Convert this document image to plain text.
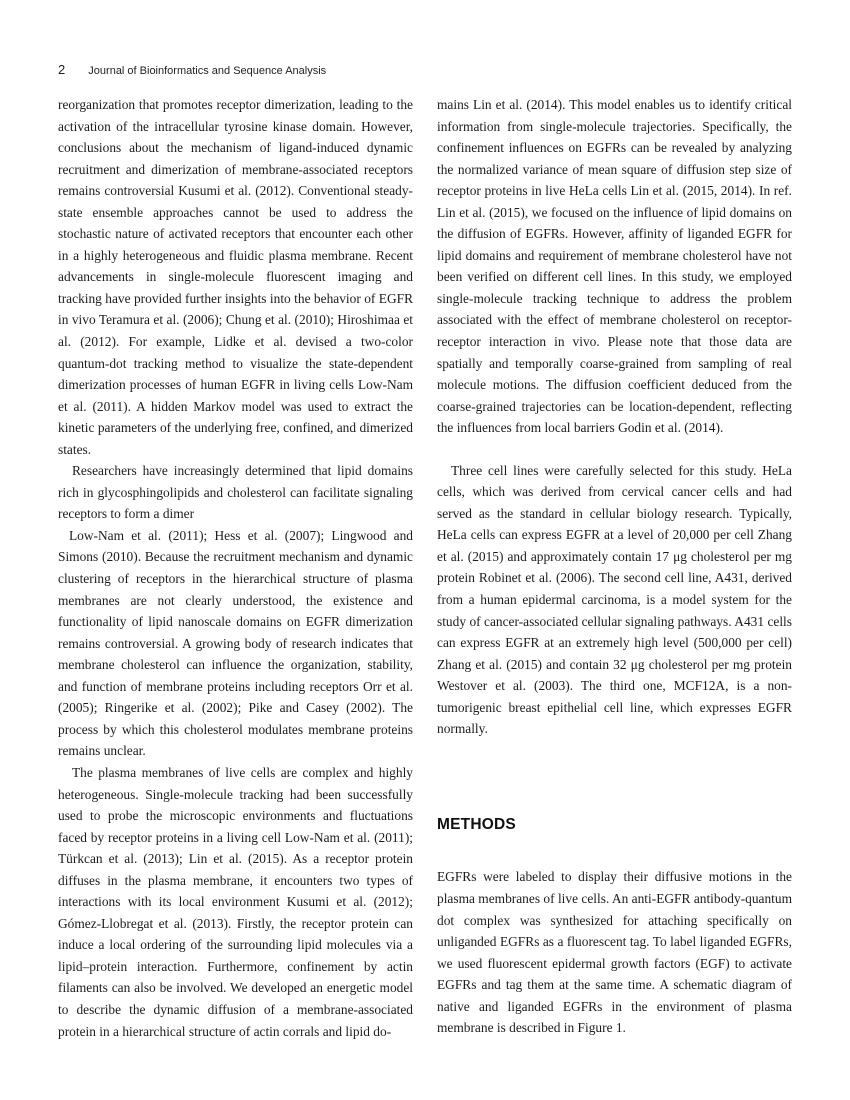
2 Journal of Bioinformatics and Sequence Analysis

reorganization that promotes receptor dimerization, leading to the activation of the intracellular tyrosine kinase domain. However, conclusions about the mechanism of ligand-induced dynamic recruitment and dimerization of membrane-associated receptors remains controversial Kusumi et al. (2012). Conventional steady-state ensemble approaches cannot be used to address the stochastic nature of activated receptors that encounter each other in a highly heterogeneous and fluidic plasma membrane. Recent advancements in single-molecule fluorescent imaging and tracking have provided further insights into the behavior of EGFR in vivo Teramura et al. (2006); Chung et al. (2010); Hiroshimaa et al. (2012). For example, Lidke et al. devised a two-color quantum-dot tracking method to visualize the state-dependent dimerization processes of human EGFR in living cells Low-Nam et al. (2011). A hidden Markov model was used to extract the kinetic parameters of the underlying free, confined, and dimerized states.

Researchers have increasingly determined that lipid domains rich in glycosphingolipids and cholesterol can facilitate signaling receptors to form a dimer

Low-Nam et al. (2011); Hess et al. (2007); Lingwood and Simons (2010). Because the recruitment mechanism and dynamic clustering of receptors in the hierarchical structure of plasma membranes are not clearly understood, the existence and functionality of lipid nanoscale domains on EGFR dimerization remains controversial. A growing body of research indicates that membrane cholesterol can influence the organization, stability, and function of membrane proteins including receptors Orr et al. (2005); Ringerike et al. (2002); Pike and Casey (2002). The process by which this cholesterol modulates membrane proteins remains unclear.

The plasma membranes of live cells are complex and highly heterogeneous. Single-molecule tracking had been successfully used to probe the microscopic environments and fluctuations faced by receptor proteins in a living cell Low-Nam et al. (2011); Türkcan et al. (2013); Lin et al. (2015). As a receptor protein diffuses in the plasma membrane, it encounters two types of interactions with its local environment Kusumi et al. (2012); Gómez-Llobregat et al. (2013). Firstly, the receptor protein can induce a local ordering of the surrounding lipid molecules via a lipid–protein interaction. Furthermore, confinement by actin filaments can also be involved. We developed an energetic model to describe the dynamic diffusion of a membrane-associated protein in a hierarchical structure of actin corrals and lipid do-

mains Lin et al. (2014). This model enables us to identify critical information from single-molecule trajectories. Specifically, the confinement influences on EGFRs can be revealed by analyzing the normalized variance of mean square of diffusion step size of receptor proteins in live HeLa cells Lin et al. (2015, 2014). In ref. Lin et al. (2015), we focused on the influence of lipid domains on the diffusion of EGFRs. However, affinity of liganded EGFR for lipid domains and requirement of membrane cholesterol have not been verified on different cell lines. In this study, we employed single-molecule tracking technique to address the problem associated with the effect of membrane cholesterol on receptor-receptor interaction in vivo. Please note that those data are spatially and temporally coarse-grained from sampling of real molecule motions. The diffusion coefficient deduced from the coarse-grained trajectories can be location-dependent, reflecting the influences from local barriers Godin et al. (2014).

Three cell lines were carefully selected for this study. HeLa cells, which was derived from cervical cancer cells and had served as the standard in cellular biology research. Typically, HeLa cells can express EGFR at a level of 20,000 per cell Zhang et al. (2015) and approximately contain 17 μg cholesterol per mg protein Robinet et al. (2006). The second cell line, A431, derived from a human epidermal carcinoma, is a model system for the study of cancer-associated cellular signaling pathways. A431 cells can express EGFR at an extremely high level (500,000 per cell) Zhang et al. (2015) and contain 32 μg cholesterol per mg protein Westover et al. (2003). The third one, MCF12A, is a non-tumorigenic breast epithelial cell line, which expresses EGFR normally.

METHODS

EGFRs were labeled to display their diffusive motions in the plasma membranes of live cells. An anti-EGFR antibody-quantum dot complex was synthesized for attaching specifically on unliganded EGFRs as a fluorescent tag. To label liganded EGFRs, we used fluorescent epidermal growth factors (EGF) to activate EGFRs and tag them at the same time. A schematic diagram of native and liganded EGFRs in the environment of plasma membrane is described in Figure 1.
